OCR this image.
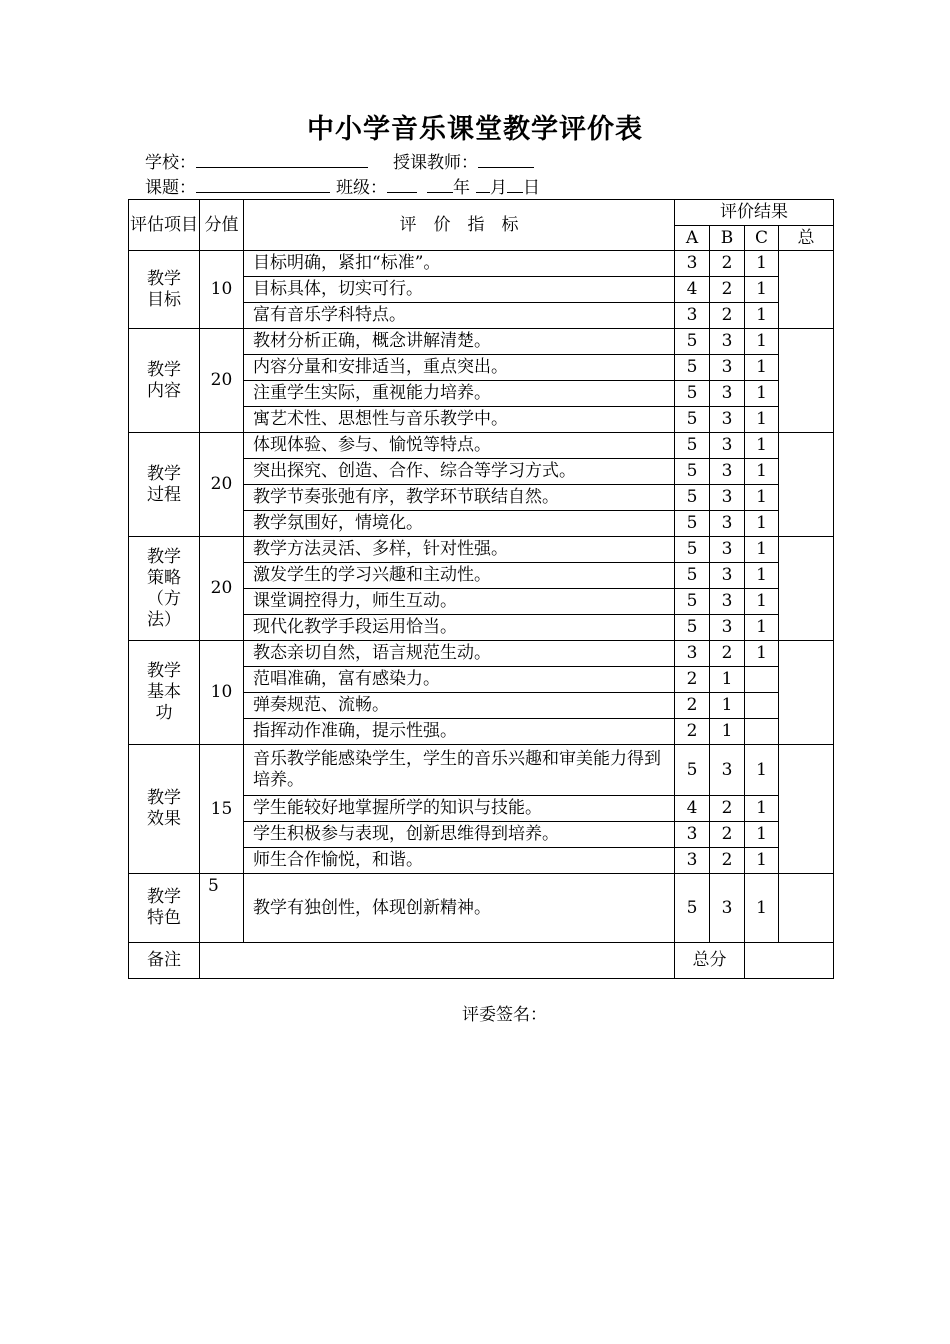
中小学音乐课堂教学评价表
学校：	授课教师：
课题：	班级：	年 月 日
评估项目	分值	评　价　指　标	评价结果			
			A	B	C	总
教学目标	10	目标明确，紧扣“标准”。	3	2	1	
		目标具体，切实可行。	4	2	1	
		富有音乐学科特点。	3	2	1	
教学内容	20	教材分析正确，概念讲解清楚。	5	3	1	
		内容分量和安排适当，重点突出。	5	3	1	
		注重学生实际，重视能力培养。	5	3	1	
		寓艺术性、思想性与音乐教学中。	5	3	1	
教学过程	20	体现体验、参与、愉悦等特点。	5	3	1	
		突出探究、创造、合作、综合等学习方式。	5	3	1	
		教学节奏张弛有序，教学环节联结自然。	5	3	1	
		教学氛围好，情境化。	5	3	1	
教学策略（方法）	20	教学方法灵活、多样，针对性强。	5	3	1	
		激发学生的学习兴趣和主动性。	5	3	1	
		课堂调控得力，师生互动。	5	3	1	
		现代化教学手段运用恰当。	5	3	1	
教学基本功	10	教态亲切自然，语言规范生动。	3	2	1	
		范唱准确，富有感染力。	2	1		
		弹奏规范、流畅。	2	1		
		指挥动作准确，提示性强。	2	1		
教学效果	15	音乐教学能感染学生，学生的音乐兴趣和审美能力得到培养。	5	3	1	
		学生能较好地掌握所学的知识与技能。	4	2	1	
		学生积极参与表现，创新思维得到培养。	3	2	1	
		师生合作愉悦，和谐。	3	2	1	
教学特色	5	教学有独创性，体现创新精神。	5	3	1	
备注			总分			
评委签名：
